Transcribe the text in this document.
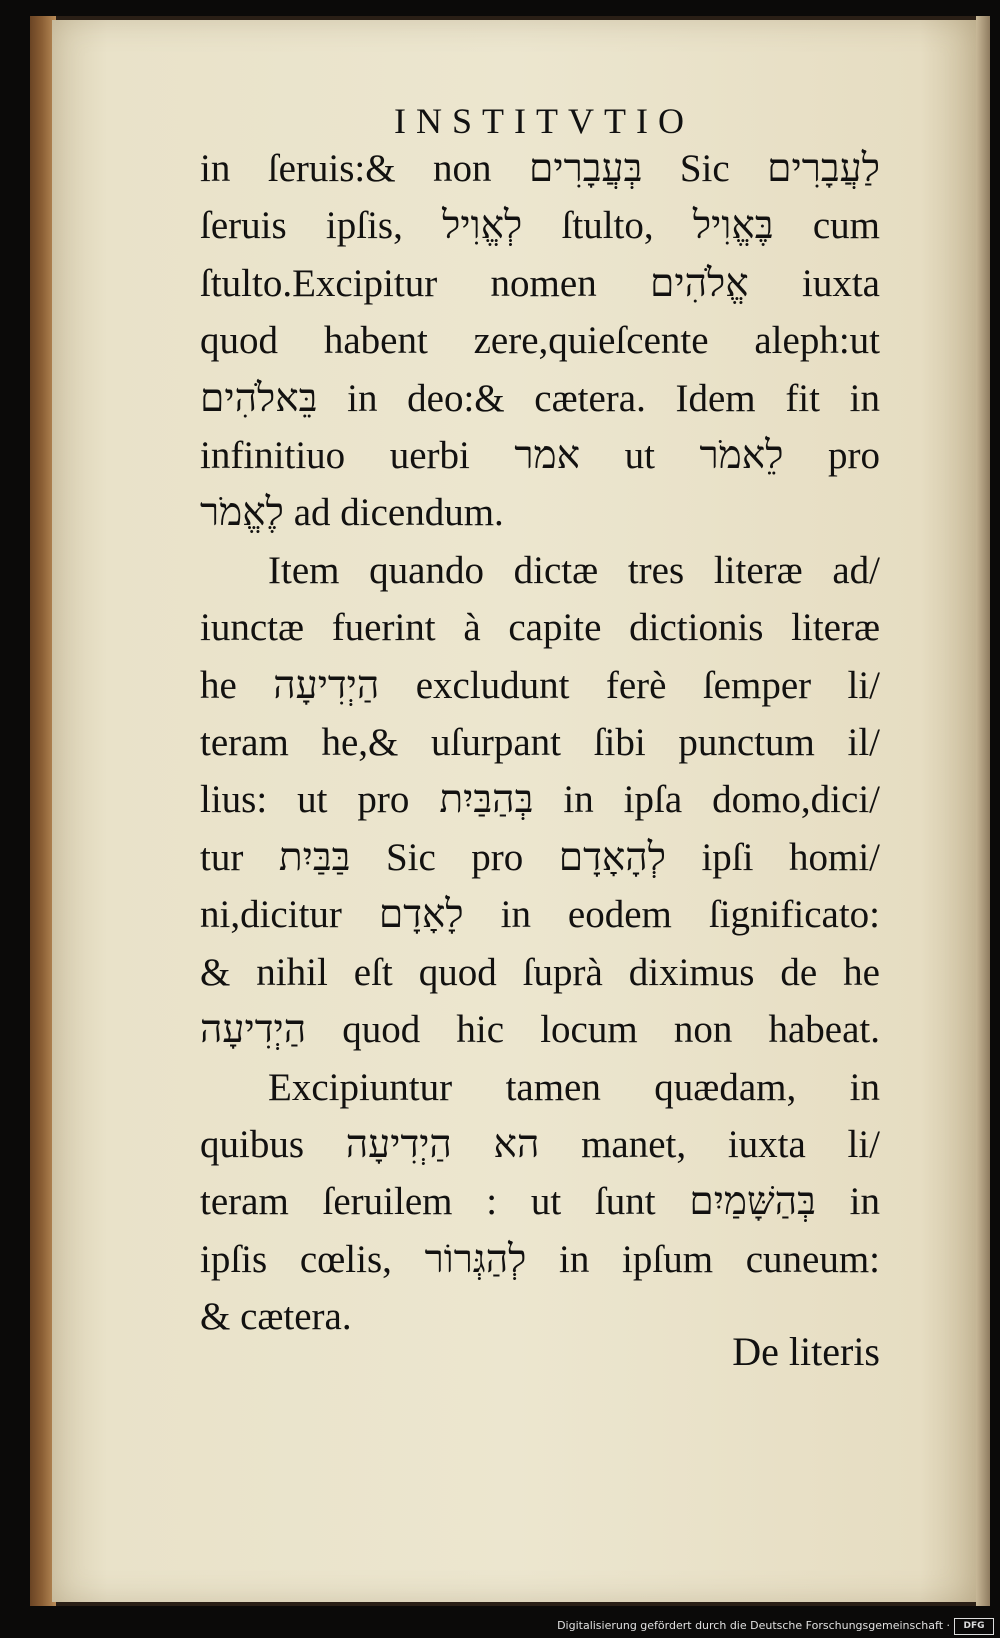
INSTITVTIO
in ſeruis:& non בְּעֲבָרִים Sic לַעֲבָרִים
ſeruis ipſis, לְאֱוִיל ſtulto, בֶּאֱוִיל cum
ſtulto.Excipitur nomen אֱלֹהִים iuxta
quod habent zere,quieſcente aleph:ut
בֵּאלֹהִים in deo:& cætera. Idem fit in
infinitiuo uerbi אמר ut לֵאמֹר pro
לֶאֱמֹר ad dicendum.
Item quando dictæ tres literæ ad/
iunctæ fuerint à capite dictionis literæ
he הַיְדִיעָה excludunt ferè ſemper li/
teram he,& uſurpant ſibi punctum il/
lius: ut pro בְּהַבַּיִת in ipſa domo,dici/
tur בַּבַּיִת Sic pro לְהָאָדָם ipſi homi/
ni,dicitur לָאָדָם in eodem ſignificato:
& nihil eſt quod ſuprà diximus de he
הַיְדִיעָה quod hic locum non habeat.
Excipiuntur tamen quædam, in
quibus הא הַיְדִיעָה manet, iuxta li/
teram ſeruilem : ut ſunt בְּהַשָּׁמַיִם in
ipſis cœlis, לְהַגְּרוֹר in ipſum cuneum:
& cætera.
De literis
Digitalisierung gefördert durch die Deutsche Forschungsgemeinschaft ·	DFG
